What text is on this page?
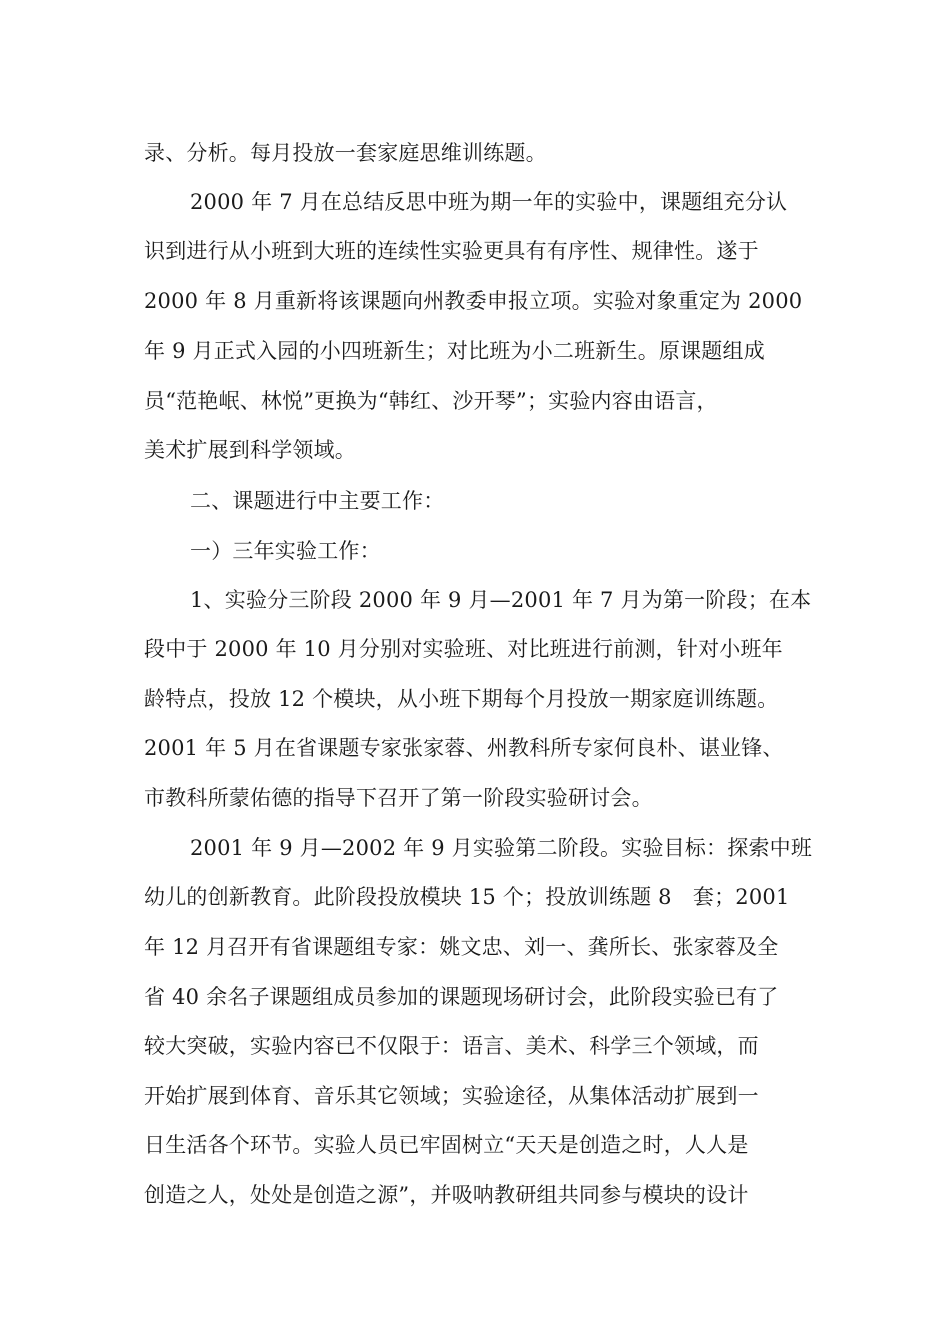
录、分析。每月投放一套家庭思维训练题。
2000 年 7 月在总结反思中班为期一年的实验中，课题组充分认
识到进行从小班到大班的连续性实验更具有有序性、规律性。遂于
2000 年 8 月重新将该课题向州教委申报立项。实验对象重定为 2000
年 9 月正式入园的小四班新生；对比班为小二班新生。原课题组成
员“范艳岷、林悦”更换为“韩红、沙开琴”；实验内容由语言，
美术扩展到科学领域。
二、课题进行中主要工作：
一）三年实验工作：
1、实验分三阶段 2000 年 9 月—2001 年 7 月为第一阶段；在本
段中于 2000 年 10 月分别对实验班、对比班进行前测，针对小班年
龄特点，投放 12 个模块，从小班下期每个月投放一期家庭训练题。
2001 年 5 月在省课题专家张家蓉、州教科所专家何良朴、谌业锋、
市教科所蒙佑德的指导下召开了第一阶段实验研讨会。
2001 年 9 月—2002 年 9 月实验第二阶段。实验目标：探索中班
幼儿的创新教育。此阶段投放模块 15 个；投放训练题 8　套；2001
年 12 月召开有省课题组专家：姚文忠、刘一、龚所长、张家蓉及全
省 40 余名子课题组成员参加的课题现场研讨会，此阶段实验已有了
较大突破，实验内容已不仅限于：语言、美术、科学三个领域，而
开始扩展到体育、音乐其它领域；实验途径，从集体活动扩展到一
日生活各个环节。实验人员已牢固树立“天天是创造之时，人人是
创造之人，处处是创造之源”，并吸呐教研组共同参与模块的设计
